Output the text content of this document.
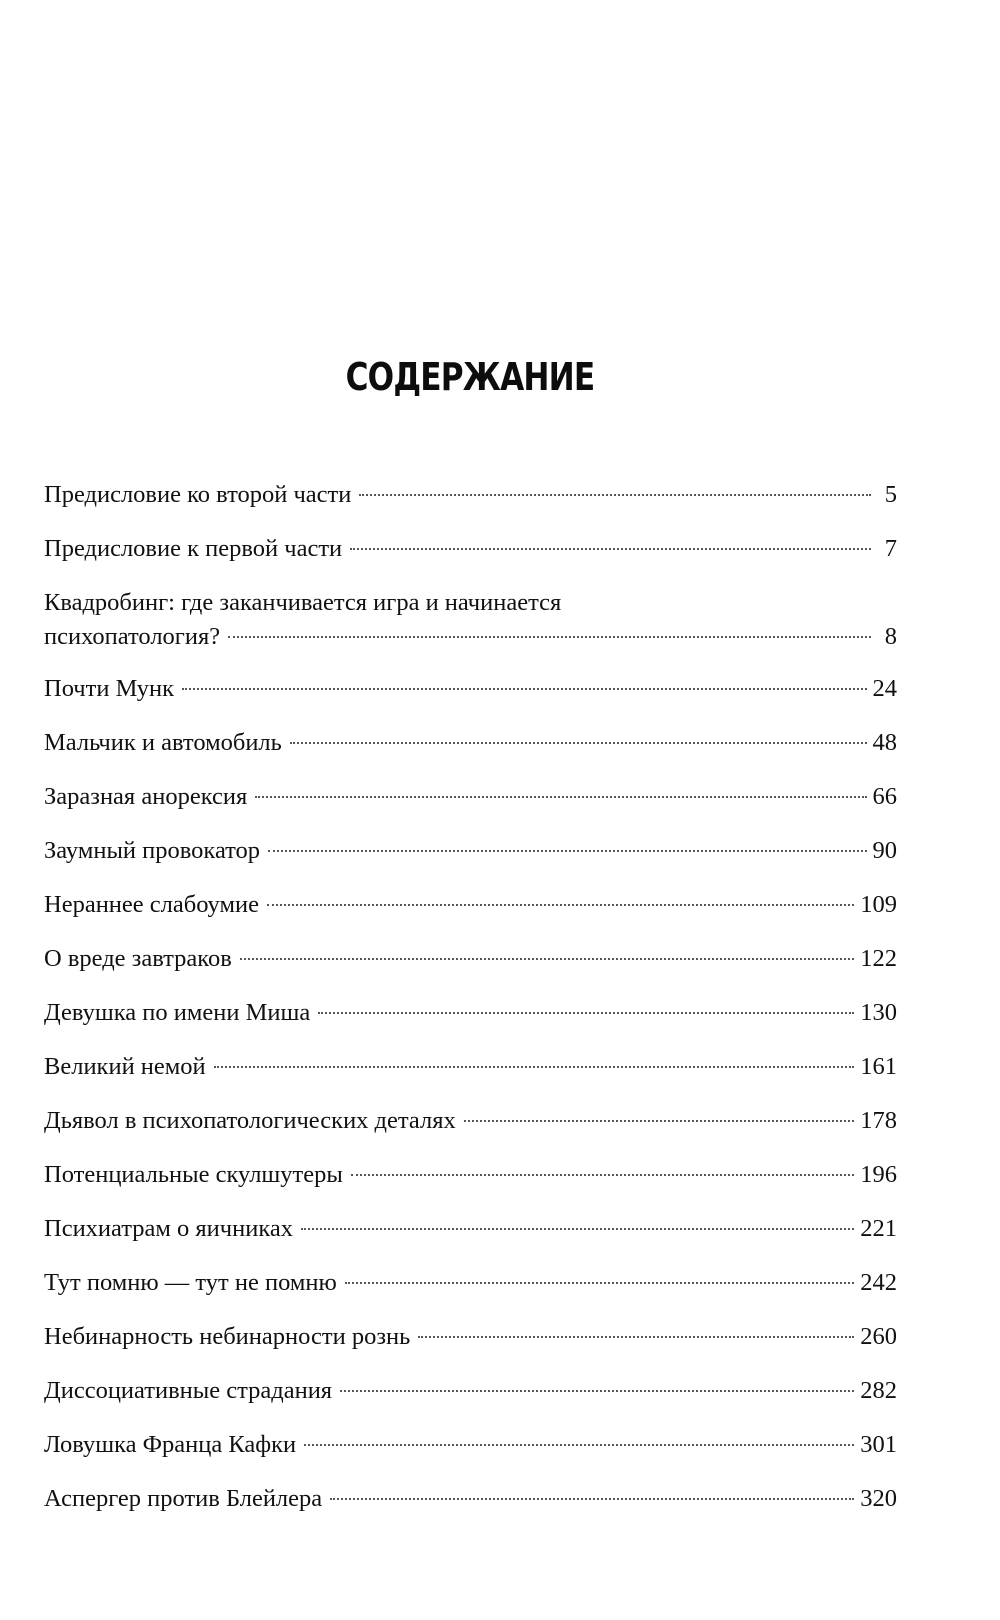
СОДЕРЖАНИЕ
Предисловие ко второй части	5
Предисловие к первой части	7
Квадробинг: где заканчивается игра и начинается
психопатология?	8
Почти Мунк	24
Мальчик и автомобиль	48
Заразная анорексия	66
Заумный провокатор	90
Нераннее слабоумие	109
О вреде завтраков	122
Девушка по имени Миша	130
Великий немой	161
Дьявол в психопатологических деталях	178
Потенциальные скулшутеры	196
Психиатрам о яичниках	221
Тут помню — тут не помню	242
Небинарность небинарности рознь	260
Диссоциативные страдания	282
Ловушка Франца Кафки	301
Аспергер против Блейлера	320
